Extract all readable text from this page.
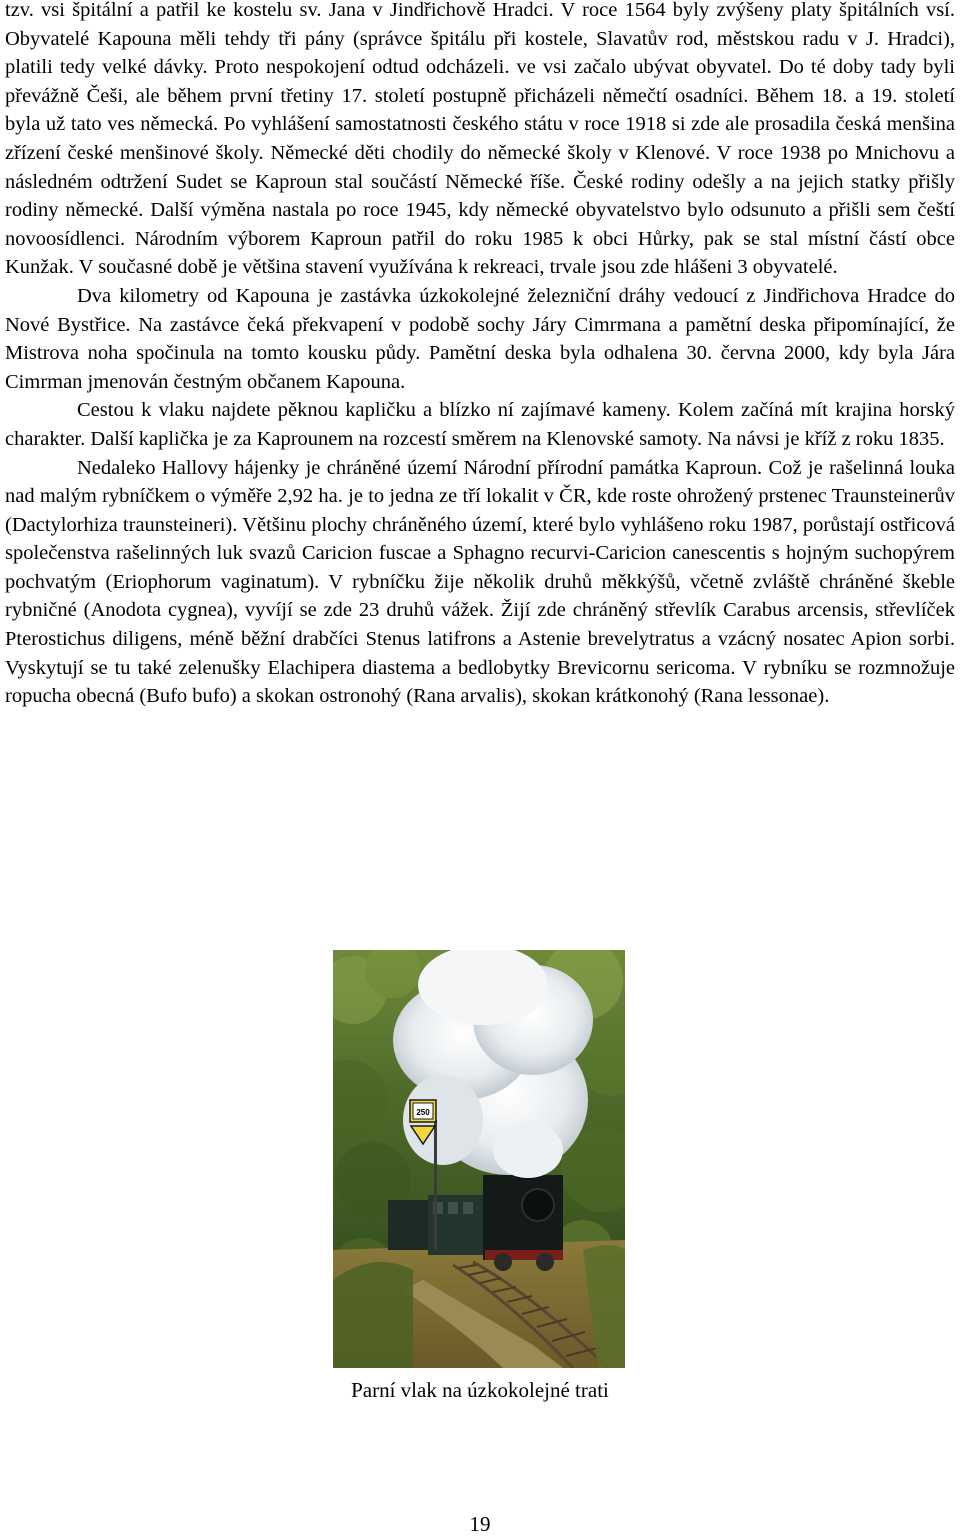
tzv. vsi špitální a patřil ke kostelu sv. Jana v Jindřichově Hradci. V roce 1564 byly zvýšeny platy špitálních vsí. Obyvatelé Kapouna měli tehdy tři pány (správce špitálu při kostele, Slavatův rod, městskou radu v J. Hradci), platili tedy velké dávky. Proto nespokojení odtud odcházeli. ve vsi začalo ubývat obyvatel. Do té doby tady byli převážně Češi, ale během první třetiny 17. století postupně přicházeli němečtí osadníci. Během 18. a 19. století byla už tato ves německá. Po vyhlášení samostatnosti českého státu v roce 1918 si zde ale prosadila česká menšina zřízení české menšinové školy. Německé děti chodily do německé školy v Klenové. V roce 1938 po Mnichovu a následném odtržení Sudet se Kaproun stal součástí Německé říše. České rodiny odešly a na jejich statky přišly rodiny německé. Další výměna nastala po roce 1945, kdy německé obyvatelstvo bylo odsunuto a přišli sem čeští novoosídlenci. Národním výborem Kaproun patřil do roku 1985 k obci Hůrky, pak se stal místní částí obce Kunžak. V současné době je většina stavení využívána k rekreaci, trvale jsou zde hlášeni 3 obyvatelé.

Dva kilometry od Kapouna je zastávka úzkokolejné železniční dráhy vedoucí z Jindřichova Hradce do Nové Bystřice. Na zastávce čeká překvapení v podobě sochy Járy Cimrmana a pamětní deska připomínající, že Mistrova noha spočinula na tomto kousku půdy. Pamětní deska byla odhalena 30. června 2000, kdy byla Jára Cimrman jmenován čestným občanem Kapouna.

Cestou k vlaku najdete pěknou kapličku a blízko ní zajímavé kameny. Kolem začíná mít krajina horský charakter. Další kaplička je za Kaprounem na rozcestí směrem na Klenovské samoty. Na návsi je kříž z roku 1835.

Nedaleko Hallovy hájenky je chráněné území Národní přírodní památka Kaproun. Což je rašelinná louka nad malým rybníčkem o výměře 2,92 ha. je to jedna ze tří lokalit v ČR, kde roste ohrožený prstenec Traunsteinerův (Dactylorhiza traunsteineri). Většinu plochy chráněného území, které bylo vyhlášeno roku 1987, porůstají ostřicová společenstva rašelinných luk svazů Caricion fuscae a Sphagno recurvi-Caricion canescentis s hojným suchopýrem pochvatým (Eriophorum vaginatum). V rybníčku žije několik druhů měkkýšů, včetně zvláště chráněné škeble rybničné (Anodota cygnea), vyvíjí se zde 23 druhů vážek. Žijí zde chráněný střevlík Carabus arcensis, střevlíček Pterostichus diligens, méně běžní drabčíci Stenus latifrons a Astenie brevelytratus a vzácný nosatec Apion sorbi. Vyskytují se tu také zelenušky Elachipera diastema a bedlobytky Brevicornu sericoma. V rybníku se rozmnožuje ropucha obecná (Bufo bufo) a skokan ostronohý (Rana arvalis), skokan krátkonohý (Rana lessonae).

250
Parní vlak na úzkokolejné trati
19
